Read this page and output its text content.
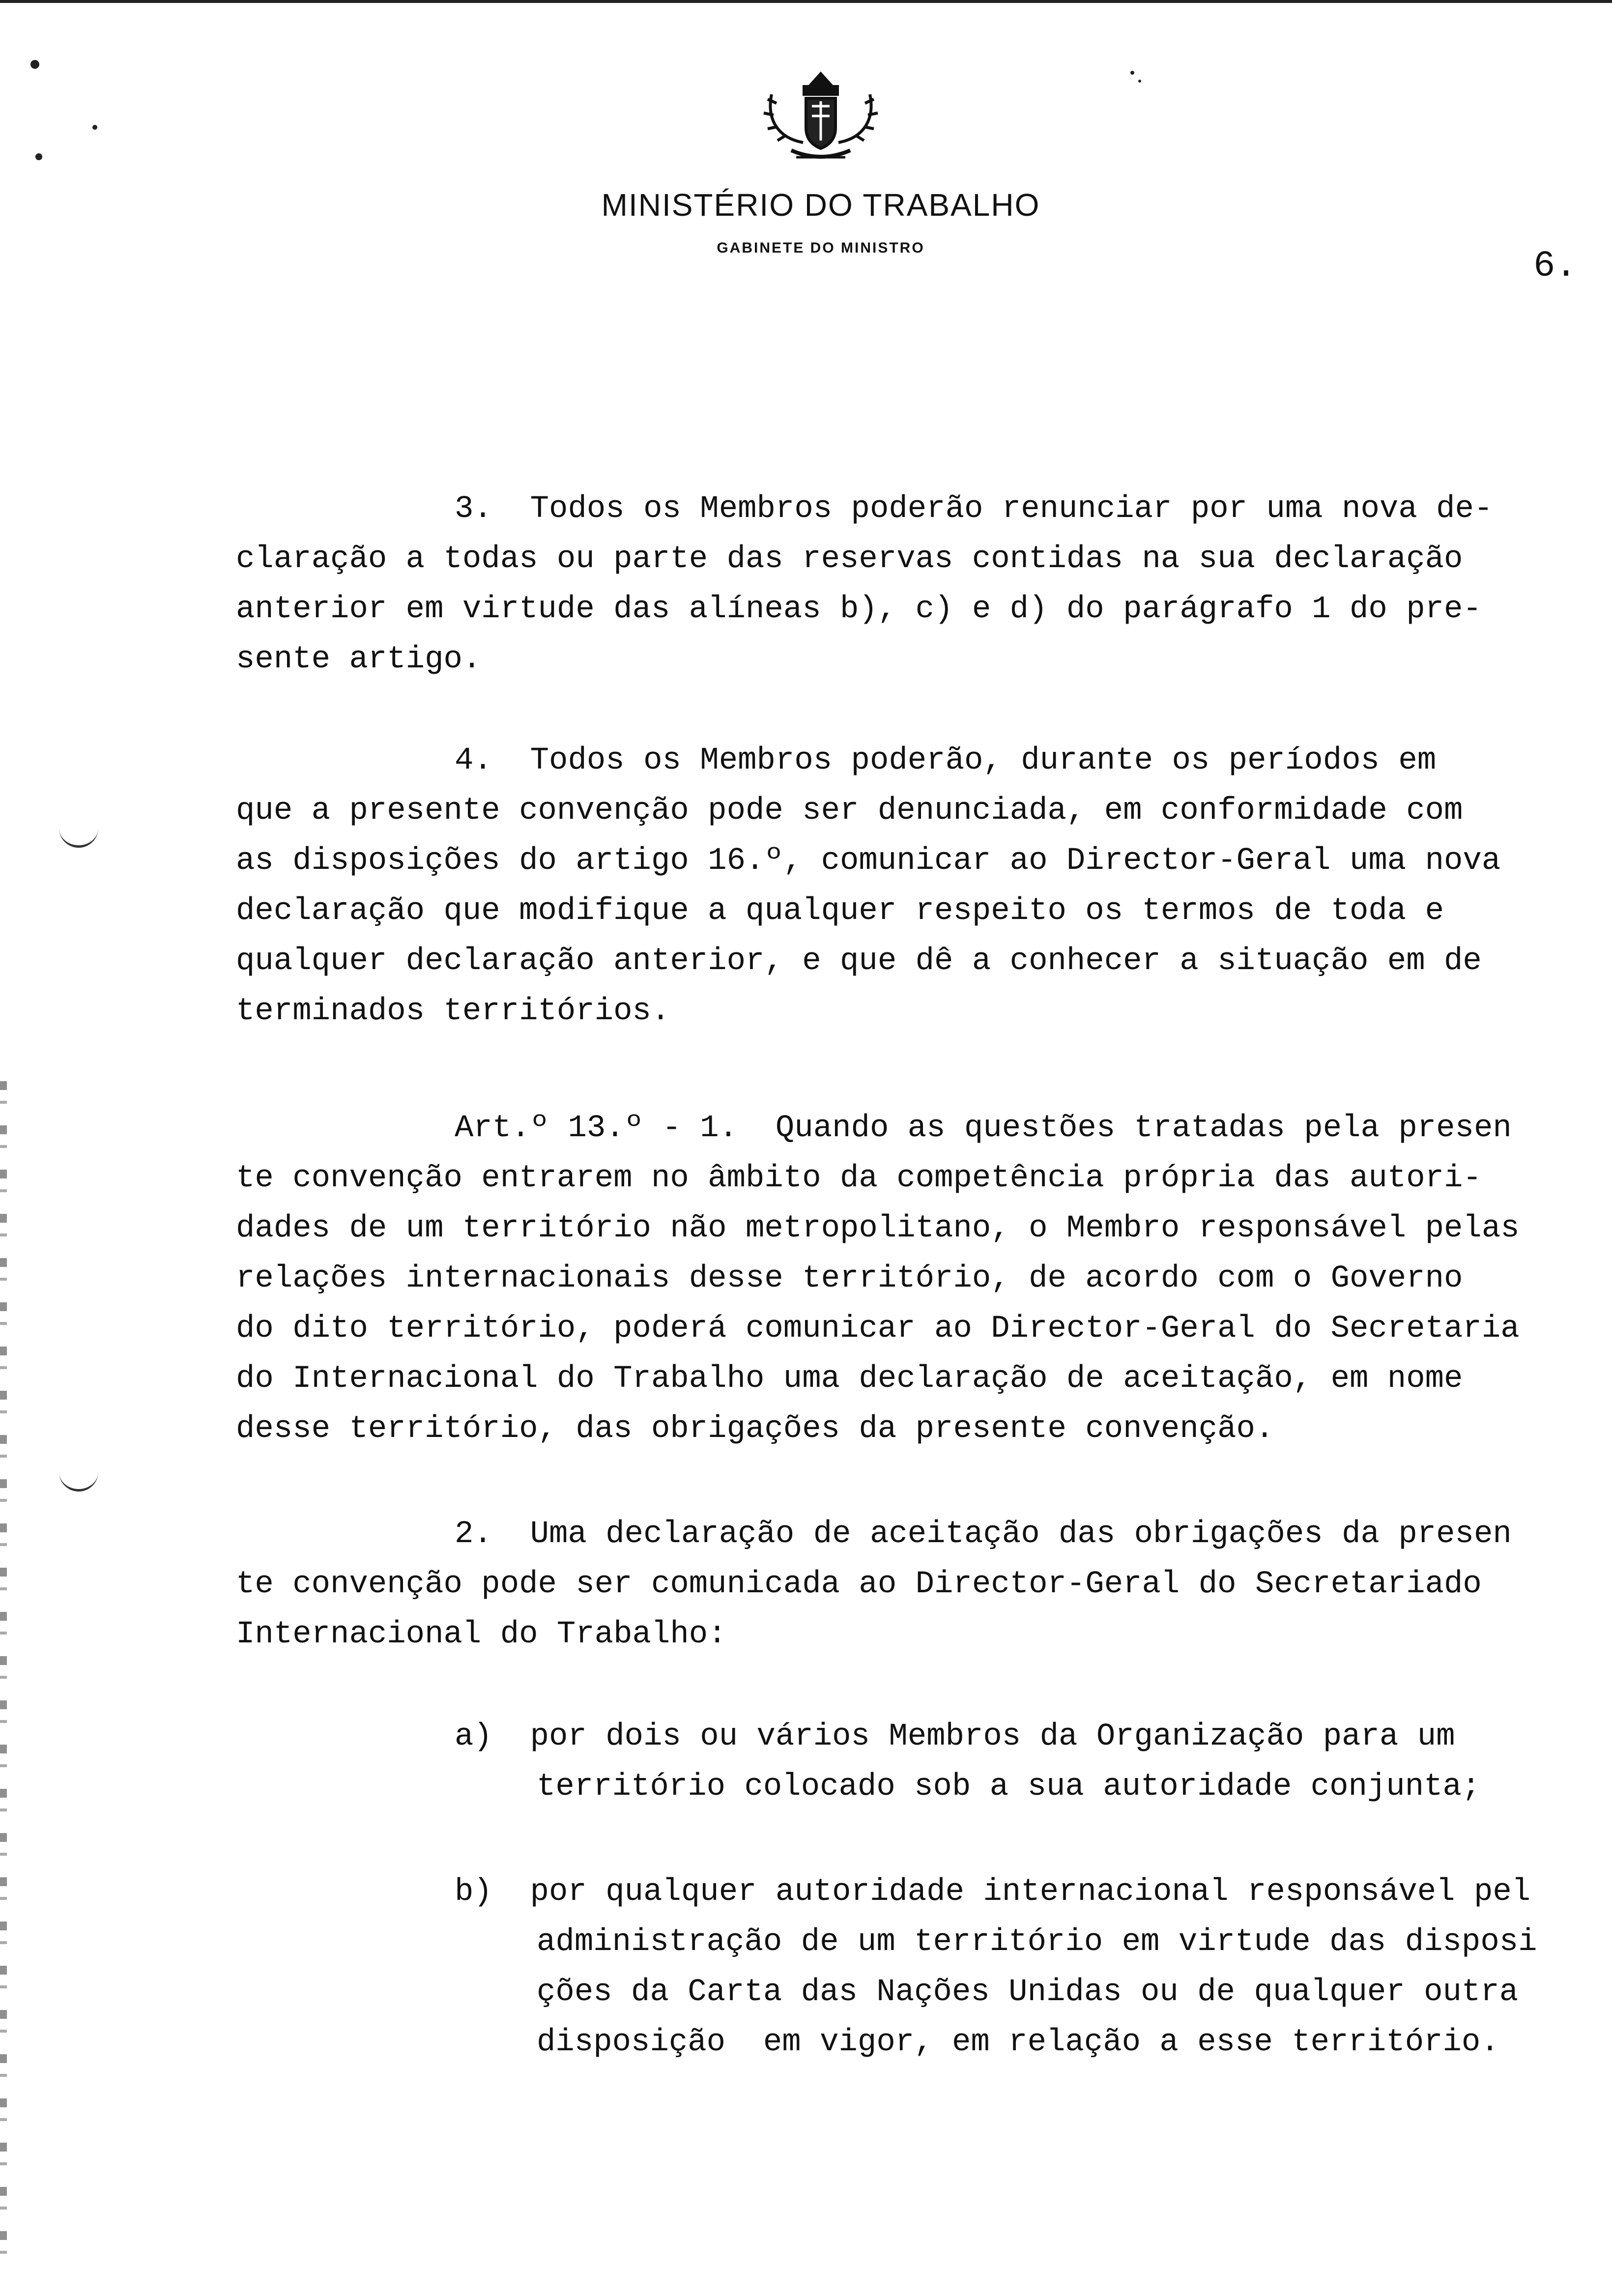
MINISTÉRIO DO TRABALHO
GABINETE DO MINISTRO	6.
3.  Todos os Membros poderão renunciar por uma nova de-
claração a todas ou parte das reservas contidas na sua declaração
anterior em virtude das alíneas b), c) e d) do parágrafo 1 do pre-
sente artigo.
4.  Todos os Membros poderão, durante os períodos em
que a presente convenção pode ser denunciada, em conformidade com
as disposições do artigo 16.º, comunicar ao Director-Geral uma nova
declaração que modifique a qualquer respeito os termos de toda e
qualquer declaração anterior, e que dê a conhecer a situação em de
terminados territórios.
Art.º 13.º - 1.  Quando as questões tratadas pela presen
te convenção entrarem no âmbito da competência própria das autori-
dades de um território não metropolitano, o Membro responsável pelas
relações internacionais desse território, de acordo com o Governo
do dito território, poderá comunicar ao Director-Geral do Secretaria
do Internacional do Trabalho uma declaração de aceitação, em nome
desse território, das obrigações da presente convenção.
2.  Uma declaração de aceitação das obrigações da presen
te convenção pode ser comunicada ao Director-Geral do Secretariado
Internacional do Trabalho:
a)  por dois ou vários Membros da Organização para um
território colocado sob a sua autoridade conjunta;
b)  por qualquer autoridade internacional responsável pel
administração de um território em virtude das disposi
ções da Carta das Nações Unidas ou de qualquer outra
disposição  em vigor, em relação a esse território.
